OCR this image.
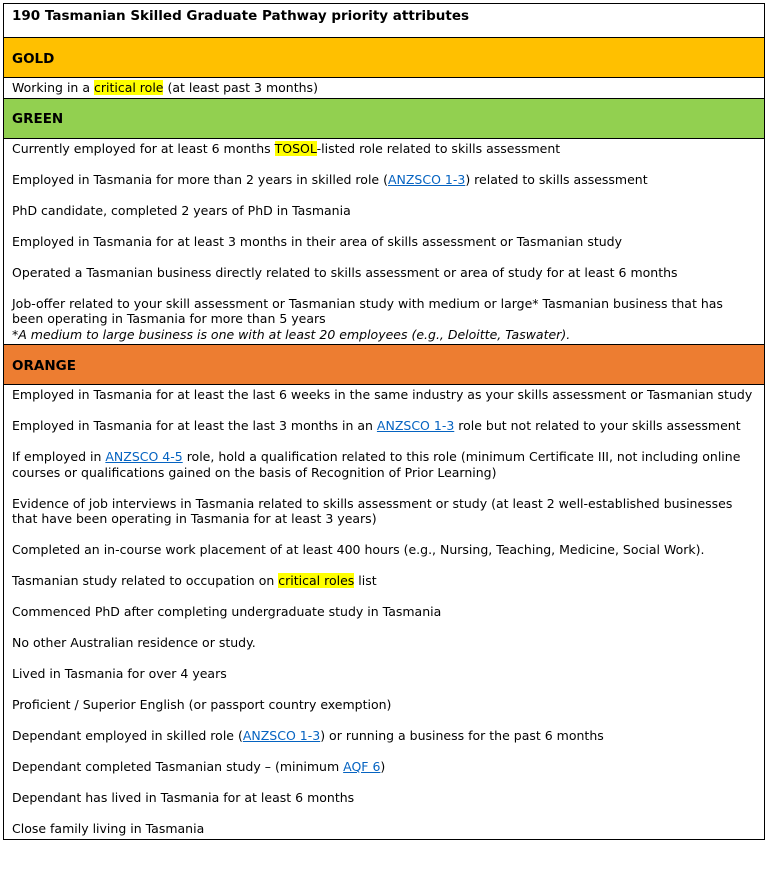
190 Tasmanian Skilled Graduate Pathway priority attributes

GOLD

Working in a critical role (at least past 3 months)

GREEN

Currently employed for at least 6 months TOSOL-listed role related to skills assessment
Employed in Tasmania for more than 2 years in skilled role (ANZSCO 1-3) related to skills assessment
PhD candidate, completed 2 years of PhD in Tasmania
Employed in Tasmania for at least 3 months in their area of skills assessment or Tasmanian study
Operated a Tasmanian business directly related to skills assessment or area of study for at least 6 months
Job-offer related to your skill assessment or Tasmanian study with medium or large* Tasmanian business that has been operating in Tasmania for more than 5 years
*A medium to large business is one with at least 20 employees (e.g., Deloitte, Taswater).

ORANGE

Employed in Tasmania for at least the last 6 weeks in the same industry as your skills assessment or Tasmanian study
Employed in Tasmania for at least the last 3 months in an ANZSCO 1-3 role but not related to your skills assessment
If employed in ANZSCO 4-5 role, hold a qualification related to this role (minimum Certificate III, not including online courses or qualifications gained on the basis of Recognition of Prior Learning)
Evidence of job interviews in Tasmania related to skills assessment or study (at least 2 well-established businesses that have been operating in Tasmania for at least 3 years)
Completed an in-course work placement of at least 400 hours (e.g., Nursing, Teaching, Medicine, Social Work).
Tasmanian study related to occupation on critical roles list
Commenced PhD after completing undergraduate study in Tasmania
No other Australian residence or study.
Lived in Tasmania for over 4 years
Proficient / Superior English (or passport country exemption)
Dependant employed in skilled role (ANZSCO 1-3) or running a business for the past 6 months
Dependant completed Tasmanian study – (minimum AQF 6)
Dependant has lived in Tasmania for at least 6 months
Close family living in Tasmania
